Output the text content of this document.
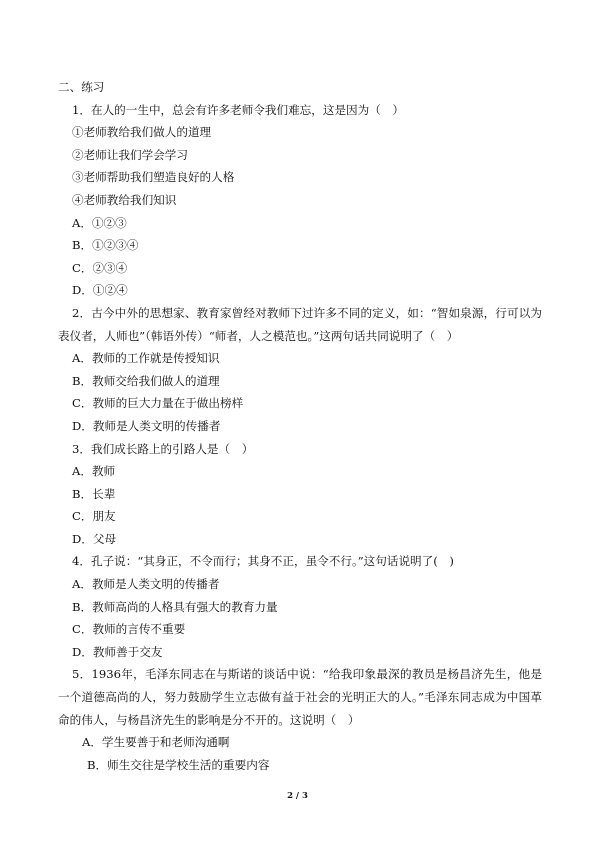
二、练习
1．在人的一生中，总会有许多老师令我们难忘，这是因为（　）
①老师教给我们做人的道理
②老师让我们学会学习
③老师帮助我们塑造良好的人格
④老师教给我们知识
A．①②③
B．①②③④
C．②③④
D．①②④
2．古今中外的思想家、教育家曾经对教师下过许多不同的定义，如：“智如泉源，行可以为表仪者，人师也”（韩语外传）“师者，人之模范也。”这两句话共同说明了（　）
A．教师的工作就是传授知识
B．教师交给我们做人的道理
C．教师的巨大力量在于做出榜样
D．教师是人类文明的传播者
3．我们成长路上的引路人是（　）
A．教师
B．长辈
C．朋友
D．父母
4．孔子说：“其身正，不令而行；其身不正，虽令不行。”这句话说明了(　)
A．教师是人类文明的传播者
B．教师高尚的人格具有强大的教育力量
C．教师的言传不重要
D．教师善于交友
5．1936年，毛泽东同志在与斯诺的谈话中说：“给我印象最深的教员是杨昌济先生，他是一个道德高尚的人，努力鼓励学生立志做有益于社会的光明正大的人。”毛泽东同志成为中国革命的伟人，与杨昌济先生的影响是分不开的。这说明（　）
A．学生要善于和老师沟通啊
B．师生交往是学校生活的重要内容
2 / 3
